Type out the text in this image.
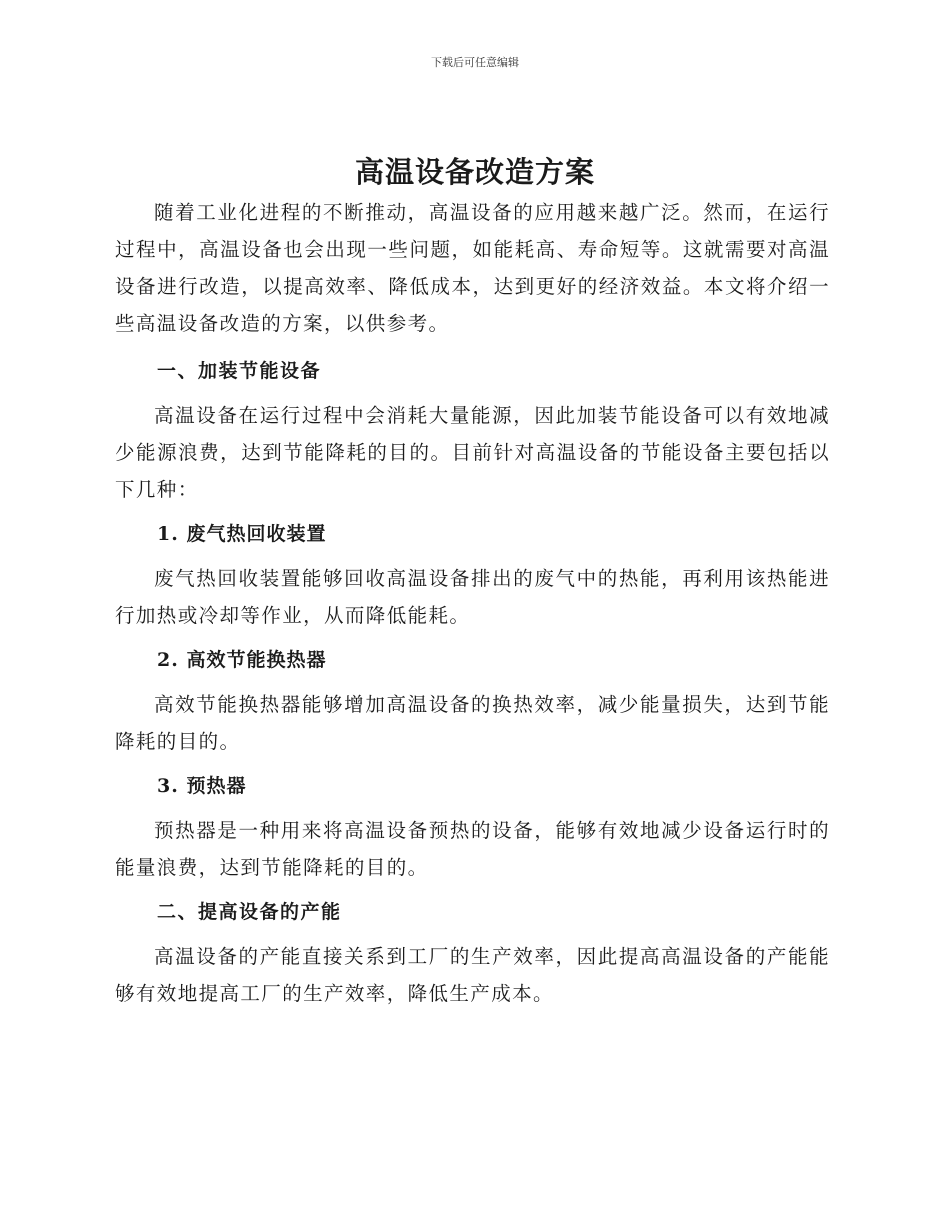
下载后可任意编辑
高温设备改造方案

随着工业化进程的不断推动，高温设备的应用越来越广泛。然而，在运行过程中，高温设备也会出现一些问题，如能耗高、寿命短等。这就需要对高温设备进行改造，以提高效率、降低成本，达到更好的经济效益。本文将介绍一些高温设备改造的方案，以供参考。

一、加装节能设备

高温设备在运行过程中会消耗大量能源，因此加装节能设备可以有效地减少能源浪费，达到节能降耗的目的。目前针对高温设备的节能设备主要包括以下几种：

1. 废气热回收装置

废气热回收装置能够回收高温设备排出的废气中的热能，再利用该热能进行加热或冷却等作业，从而降低能耗。

2. 高效节能换热器

高效节能换热器能够增加高温设备的换热效率，减少能量损失，达到节能降耗的目的。

3. 预热器

预热器是一种用来将高温设备预热的设备，能够有效地减少设备运行时的能量浪费，达到节能降耗的目的。

二、提高设备的产能

高温设备的产能直接关系到工厂的生产效率，因此提高高温设备的产能能够有效地提高工厂的生产效率，降低生产成本。
